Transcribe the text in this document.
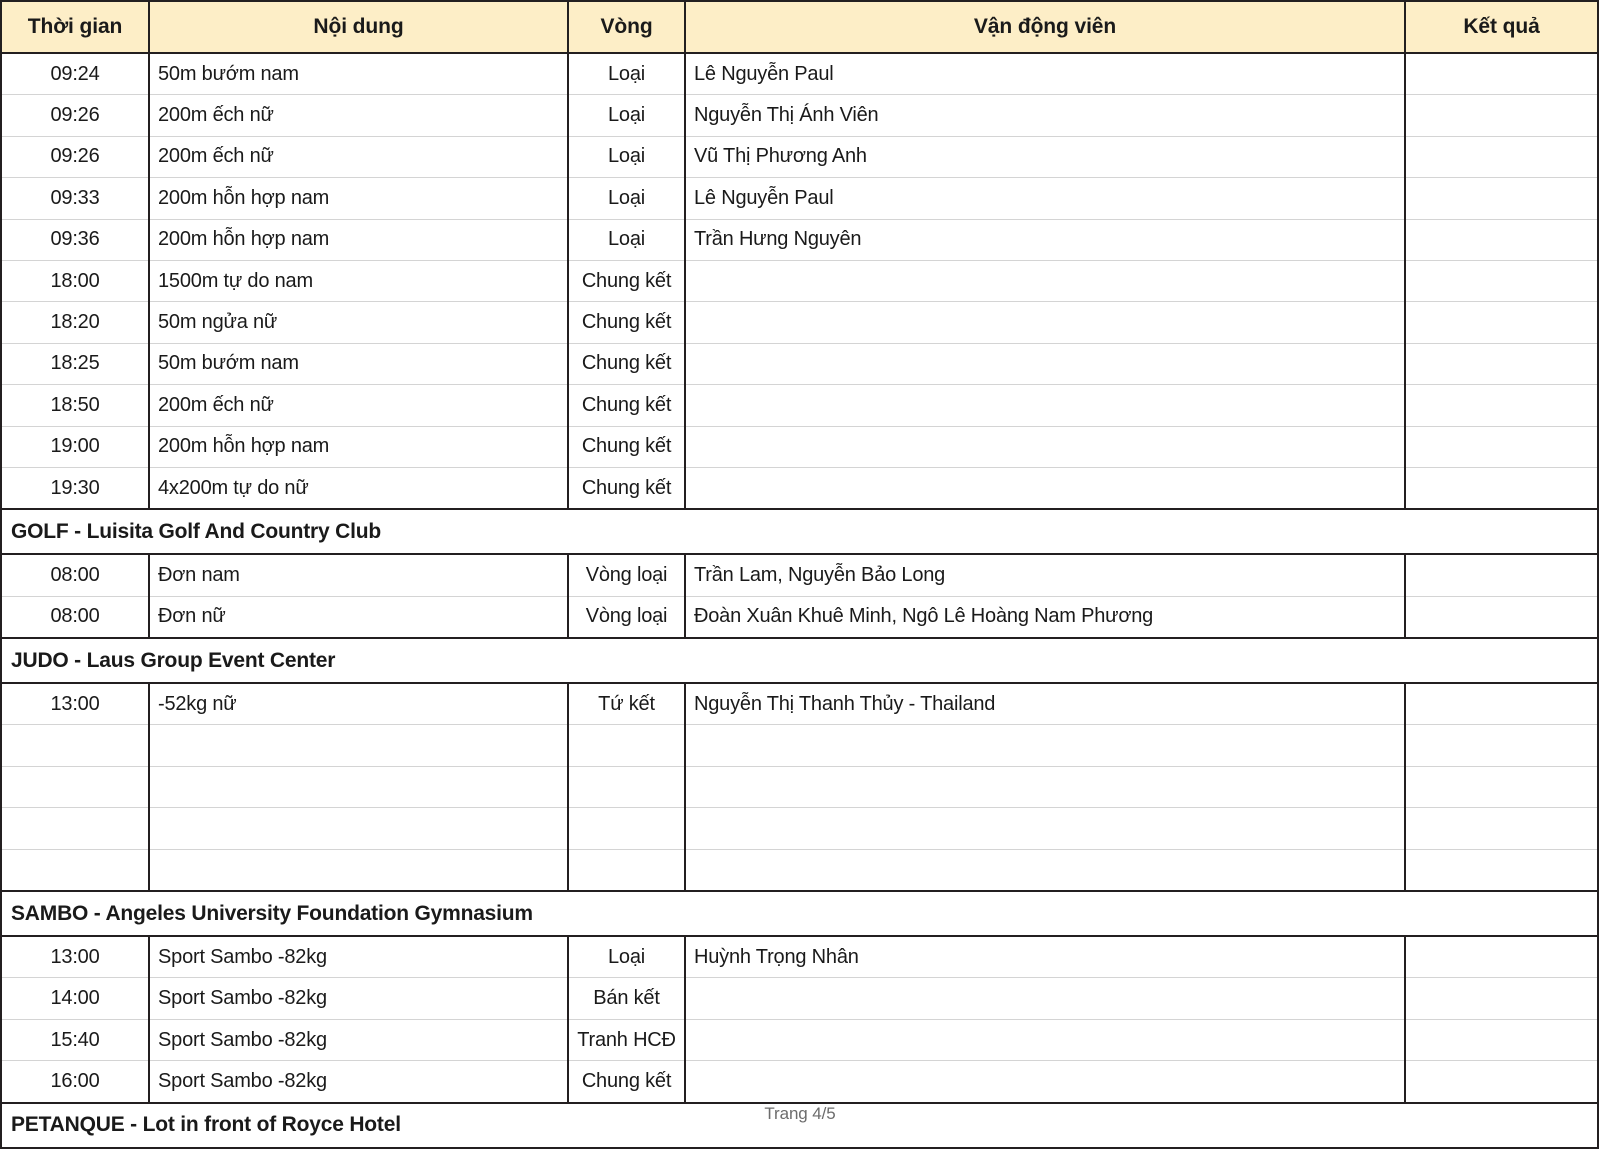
Thời gian	Nội dung	Vòng	Vận động viên	Kết quả
09:24	50m bướm nam	Loại	Lê Nguyễn Paul	
09:26	200m ếch nữ	Loại	Nguyễn Thị Ánh Viên	
09:26	200m ếch nữ	Loại	Vũ Thị Phương Anh	
09:33	200m hỗn hợp nam	Loại	Lê Nguyễn Paul	
09:36	200m hỗn hợp nam	Loại	Trần Hưng Nguyên	
18:00	1500m tự do nam	Chung kết		
18:20	50m ngửa nữ	Chung kết		
18:25	50m bướm nam	Chung kết		
18:50	200m ếch nữ	Chung kết		
19:00	200m hỗn hợp nam	Chung kết		
19:30	4x200m tự do nữ	Chung kết		
GOLF - Luisita Golf And Country Club				
08:00	Đơn nam	Vòng loại	Trần Lam, Nguyễn Bảo Long	
08:00	Đơn nữ	Vòng loại	Đoàn Xuân Khuê Minh, Ngô Lê Hoàng Nam Phương	
JUDO - Laus Group Event Center				
13:00	-52kg nữ	Tứ kết	Nguyễn Thị Thanh Thủy - Thailand	

SAMBO - Angeles University Foundation Gymnasium				
13:00	Sport Sambo -82kg	Loại	Huỳnh Trọng Nhân	
14:00	Sport Sambo -82kg	Bán kết		
15:40	Sport Sambo -82kg	Tranh HCĐ		
16:00	Sport Sambo -82kg	Chung kết		
PETANQUE - Lot in front of Royce Hotel					Trang 4/5
